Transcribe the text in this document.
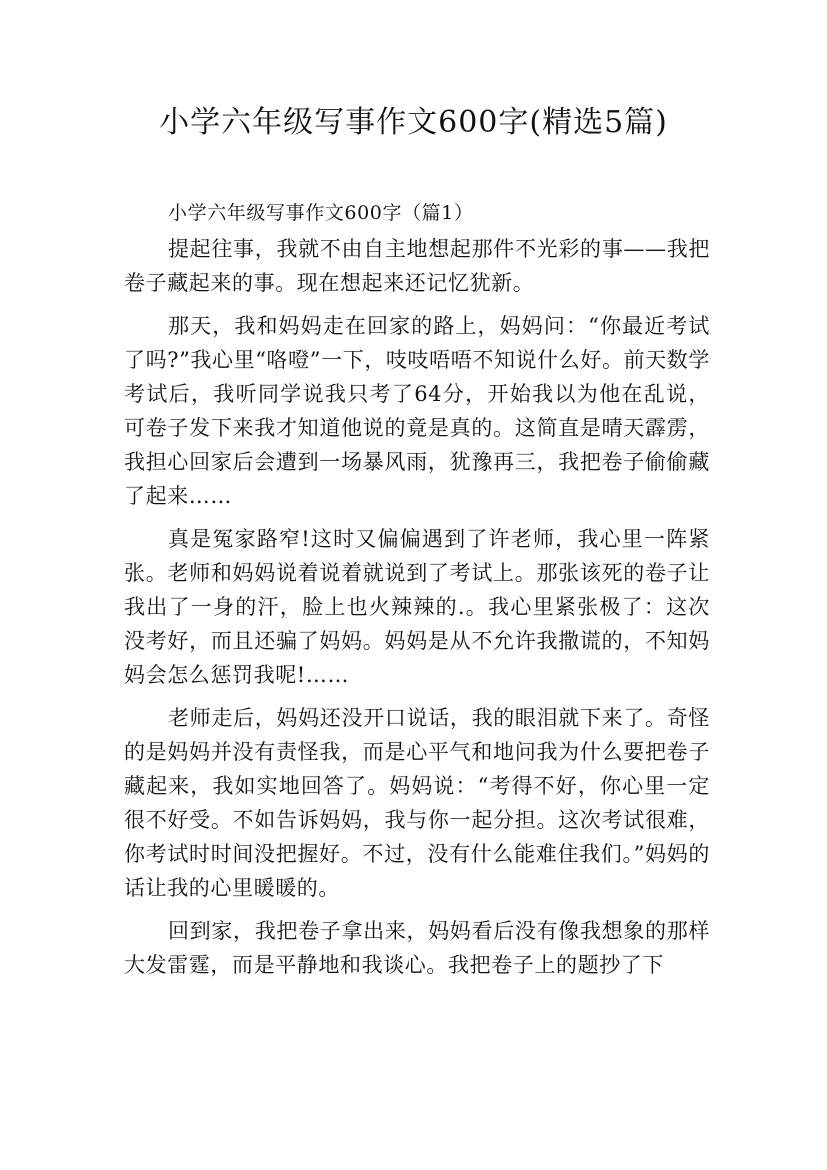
小学六年级写事作文600字(精选5篇)
小学六年级写事作文600字（篇1）

提起往事，我就不由自主地想起那件不光彩的事——我把卷子藏起来的事。现在想起来还记忆犹新。

那天，我和妈妈走在回家的路上，妈妈问：“你最近考试了吗?”我心里“咯噔”一下，吱吱唔唔不知说什么好。前天数学考试后，我听同学说我只考了64分，开始我以为他在乱说，可卷子发下来我才知道他说的竟是真的。这简直是晴天霹雳，我担心回家后会遭到一场暴风雨，犹豫再三，我把卷子偷偷藏了起来……

真是冤家路窄!这时又偏偏遇到了许老师，我心里一阵紧张。老师和妈妈说着说着就说到了考试上。那张该死的卷子让我出了一身的汗，脸上也火辣辣的.。我心里紧张极了：这次没考好，而且还骗了妈妈。妈妈是从不允许我撒谎的，不知妈妈会怎么惩罚我呢!……

老师走后，妈妈还没开口说话，我的眼泪就下来了。奇怪的是妈妈并没有责怪我，而是心平气和地问我为什么要把卷子藏起来，我如实地回答了。妈妈说：“考得不好，你心里一定很不好受。不如告诉妈妈，我与你一起分担。这次考试很难，你考试时时间没把握好。不过，没有什么能难住我们。”妈妈的话让我的心里暖暖的。

回到家，我把卷子拿出来，妈妈看后没有像我想象的那样大发雷霆，而是平静地和我谈心。我把卷子上的题抄了下
